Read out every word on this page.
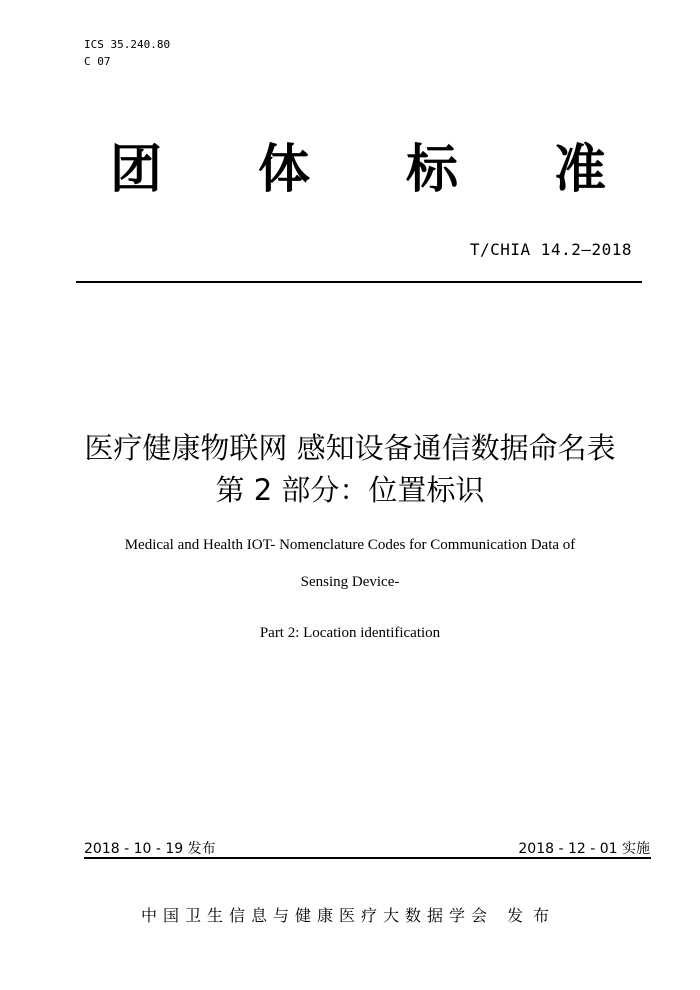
ICS 35.240.80
C 07
团 体 标 准
T/CHIA 14.2—2018
医疗健康物联网 感知设备通信数据命名表
第 2 部分：位置标识
Medical and Health IOT- Nomenclature Codes for Communication Data of
Sensing Device-
Part 2: Location identification
2018 - 10 - 19 发布	2018 - 12 - 01 实施
中国卫生信息与健康医疗大数据学会 发布
